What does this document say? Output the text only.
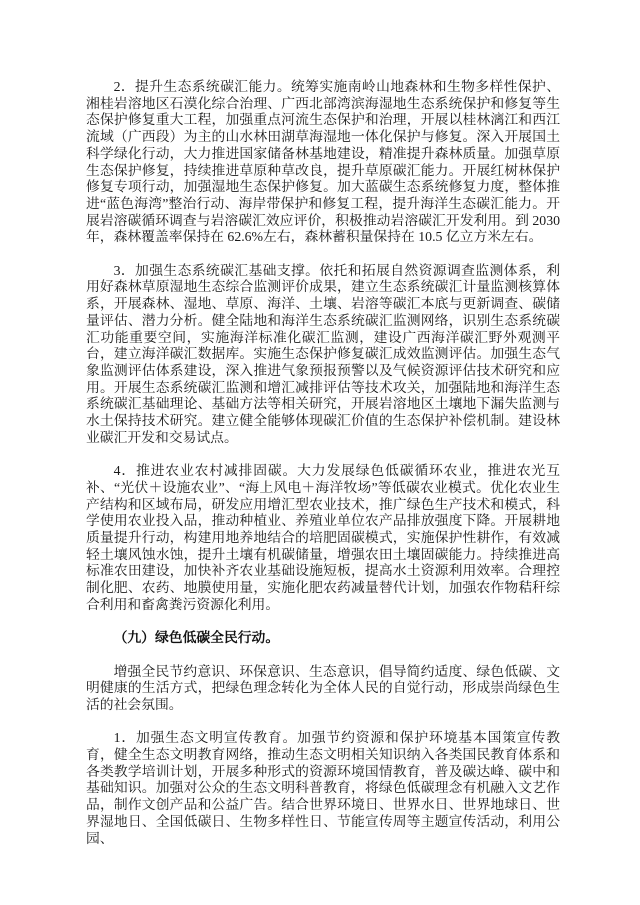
2．提升生态系统碳汇能力。统筹实施南岭山地森林和生物多样性保护、湘桂岩溶地区石漠化综合治理、广西北部湾滨海湿地生态系统保护和修复等生态保护修复重大工程，加强重点河流生态保护和治理，开展以桂林漓江和西江流域（广西段）为主的山水林田湖草海湿地一体化保护与修复。深入开展国土科学绿化行动，大力推进国家储备林基地建设，精准提升森林质量。加强草原生态保护修复，持续推进草原种草改良，提升草原碳汇能力。开展红树林保护修复专项行动，加强湿地生态保护修复。加大蓝碳生态系统修复力度，整体推进“蓝色海湾”整治行动、海岸带保护和修复工程，提升海洋生态碳汇能力。开展岩溶碳循环调查与岩溶碳汇效应评价，积极推动岩溶碳汇开发利用。到 2030 年，森林覆盖率保持在 62.6%左右，森林蓄积量保持在 10.5 亿立方米左右。

3．加强生态系统碳汇基础支撑。依托和拓展自然资源调查监测体系，利用好森林草原湿地生态综合监测评价成果，建立生态系统碳汇计量监测核算体系，开展森林、湿地、草原、海洋、土壤、岩溶等碳汇本底与更新调查、碳储量评估、潜力分析。健全陆地和海洋生态系统碳汇监测网络，识别生态系统碳汇功能重要空间，实施海洋标准化碳汇监测，建设广西海洋碳汇野外观测平台，建立海洋碳汇数据库。实施生态保护修复碳汇成效监测评估。加强生态气象监测评估体系建设，深入推进气象预报预警以及气候资源评估技术研究和应用。开展生态系统碳汇监测和增汇减排评估等技术攻关，加强陆地和海洋生态系统碳汇基础理论、基础方法等相关研究，开展岩溶地区土壤地下漏失监测与水土保持技术研究。建立健全能够体现碳汇价值的生态保护补偿机制。建设林业碳汇开发和交易试点。

4．推进农业农村减排固碳。大力发展绿色低碳循环农业，推进农光互补、“光伏＋设施农业”、“海上风电＋海洋牧场”等低碳农业模式。优化农业生产结构和区域布局，研发应用增汇型农业技术，推广绿色生产技术和模式，科学使用农业投入品，推动种植业、养殖业单位农产品排放强度下降。开展耕地质量提升行动，构建用地养地结合的培肥固碳模式，实施保护性耕作，有效减轻土壤风蚀水蚀，提升土壤有机碳储量，增强农田土壤固碳能力。持续推进高标准农田建设，加快补齐农业基础设施短板，提高水土资源利用效率。合理控制化肥、农药、地膜使用量，实施化肥农药减量替代计划，加强农作物秸秆综合利用和畜禽粪污资源化利用。

（九）绿色低碳全民行动。

增强全民节约意识、环保意识、生态意识，倡导简约适度、绿色低碳、文明健康的生活方式，把绿色理念转化为全体人民的自觉行动，形成崇尚绿色生活的社会氛围。

1．加强生态文明宣传教育。加强节约资源和保护环境基本国策宣传教育，健全生态文明教育网络，推动生态文明相关知识纳入各类国民教育体系和各类教学培训计划，开展多种形式的资源环境国情教育，普及碳达峰、碳中和基础知识。加强对公众的生态文明科普教育，将绿色低碳理念有机融入文艺作品，制作文创产品和公益广告。结合世界环境日、世界水日、世界地球日、世界湿地日、全国低碳日、生物多样性日、节能宣传周等主题宣传活动，利用公园、
